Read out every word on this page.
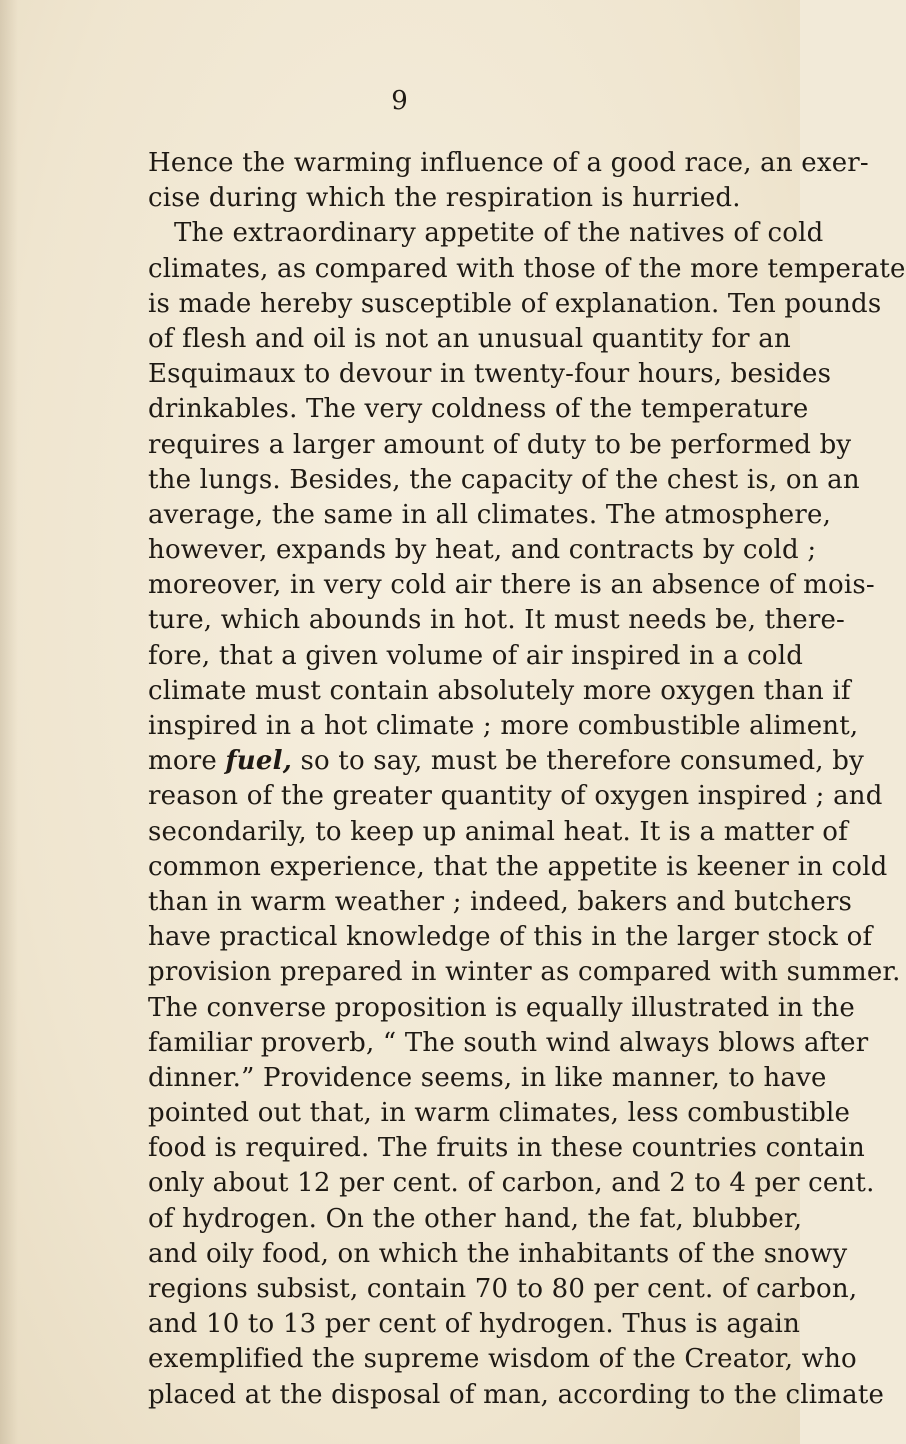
9
Hence the warming influence of a good race, an exer-
cise during which the respiration is hurried.
The extraordinary appetite of the natives of cold
climates, as compared with those of the more temperate
is made hereby susceptible of explanation. Ten pounds
of flesh and oil is not an unusual quantity for an
Esquimaux to devour in twenty-four hours, besides
drinkables. The very coldness of the temperature
requires a larger amount of duty to be performed by
the lungs. Besides, the capacity of the chest is, on an
average, the same in all climates. The atmosphere,
however, expands by heat, and contracts by cold ;
moreover, in very cold air there is an absence of mois-
ture, which abounds in hot. It must needs be, there-
fore, that a given volume of air inspired in a cold
climate must contain absolutely more oxygen than if
inspired in a hot climate ; more combustible aliment,
more fuel, so to say, must be therefore consumed, by
reason of the greater quantity of oxygen inspired ; and
secondarily, to keep up animal heat. It is a matter of
common experience, that the appetite is keener in cold
than in warm weather ; indeed, bakers and butchers
have practical knowledge of this in the larger stock of
provision prepared in winter as compared with summer.
The converse proposition is equally illustrated in the
familiar proverb, “ The south wind always blows after
dinner.” Providence seems, in like manner, to have
pointed out that, in warm climates, less combustible
food is required. The fruits in these countries contain
only about 12 per cent. of carbon, and 2 to 4 per cent.
of hydrogen. On the other hand, the fat, blubber,
and oily food, on which the inhabitants of the snowy
regions subsist, contain 70 to 80 per cent. of carbon,
and 10 to 13 per cent of hydrogen. Thus is again
exemplified the supreme wisdom of the Creator, who
placed at the disposal of man, according to the climate
